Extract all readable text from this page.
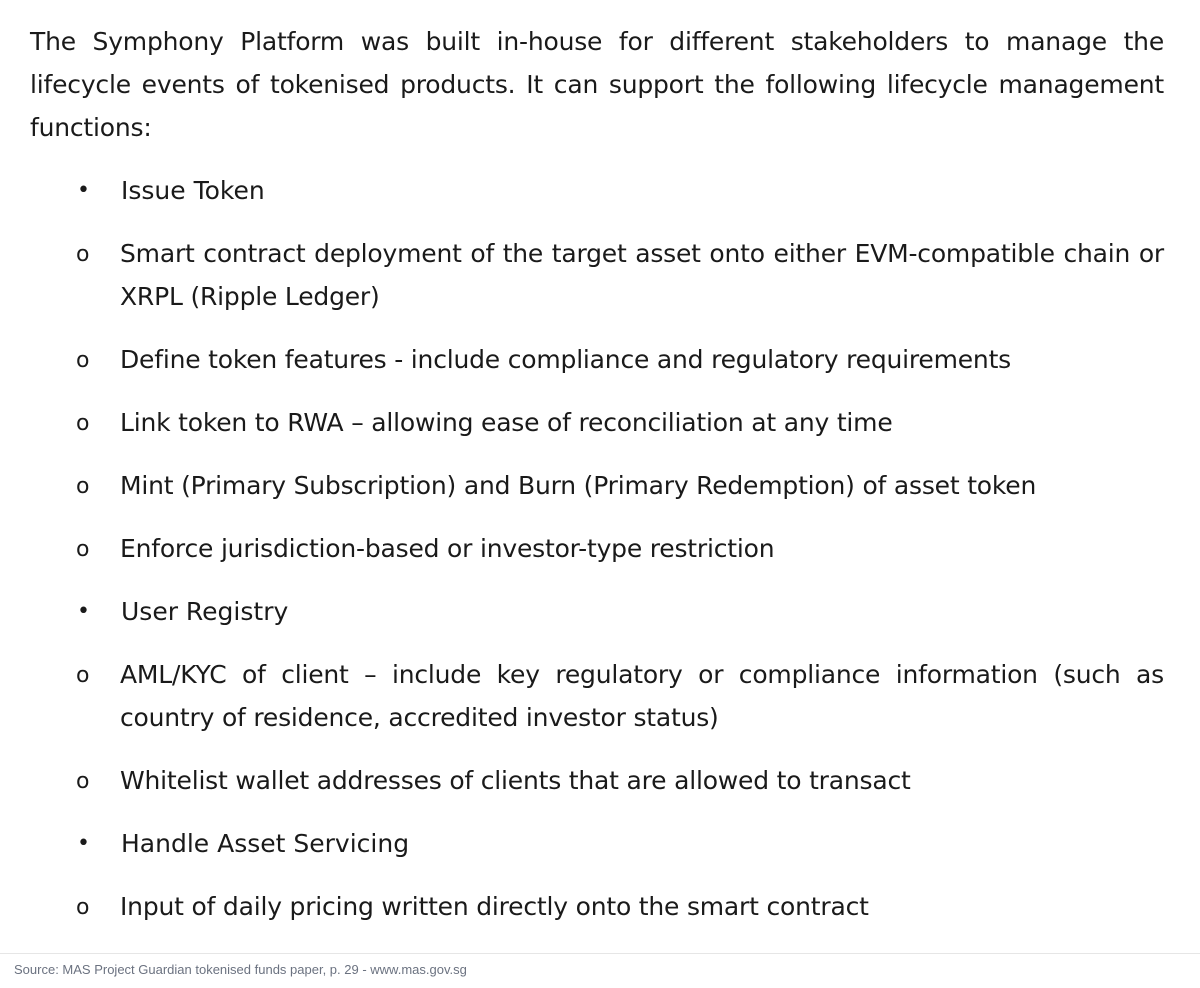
The Symphony Platform was built in-house for different stakeholders to manage the lifecycle events of tokenised products. It can support the following lifecycle management functions:

• Issue Token
o Smart contract deployment of the target asset onto either EVM-compatible chain or XRPL (Ripple Ledger)
o Define token features - include compliance and regulatory requirements
o Link token to RWA – allowing ease of reconciliation at any time
o Mint (Primary Subscription) and Burn (Primary Redemption) of asset token
o Enforce jurisdiction-based or investor-type restriction
• User Registry
o AML/KYC of client – include key regulatory or compliance information (such as country of residence, accredited investor status)
o Whitelist wallet addresses of clients that are allowed to transact
• Handle Asset Servicing
o Input of daily pricing written directly onto the smart contract
Source: MAS Project Guardian tokenised funds paper, p. 29 - www.mas.gov.sg
